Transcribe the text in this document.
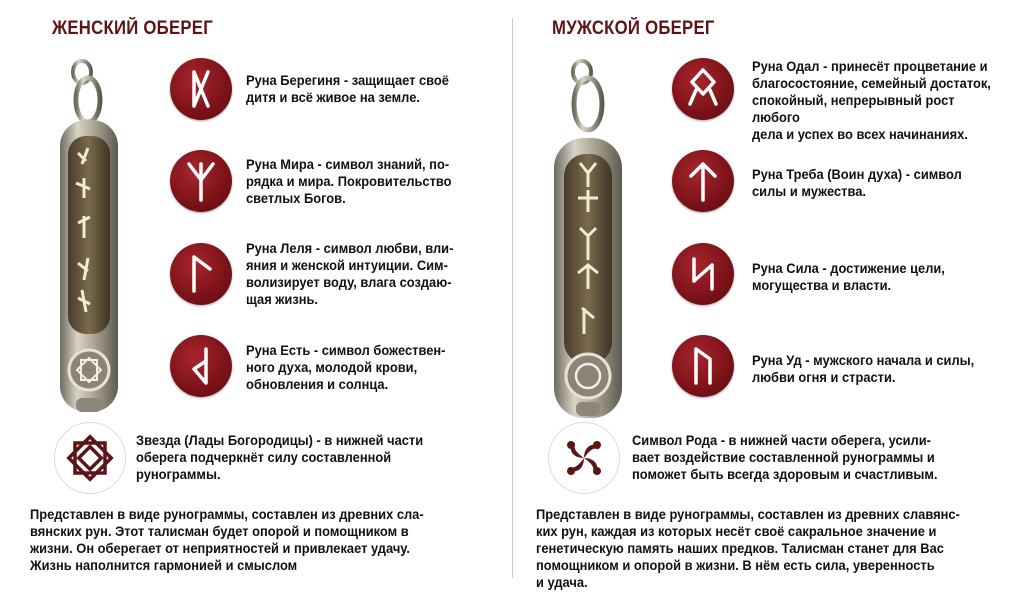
ЖЕНСКИЙ ОБЕРЕГ	МУЖСКОЙ ОБЕРЕГ
Руна Берегиня - защищает своё
дитя и всё живое на земле.
Руна Мира - символ знаний, по-
рядка и мира. Покровительство
светлых Богов.
Руна Леля - символ любви, вли-
яния и женской интуиции. Сим-
волизирует воду, влага создаю-
щая жизнь.
Руна Есть - символ божествен-
ного духа, молодой крови,
обновления и солнца.
Руна Одал - принесёт процветание и
благосостояние, семейный достаток,
спокойный, непрерывный рост любого
дела и успех во всех начинаниях.
Руна Треба (Воин духа) - символ
силы и мужества.
Руна Сила - достижение цели,
могущества и власти.
Руна Уд - мужского начала и силы,
любви огня и страсти.
Звезда (Лады Богородицы) - в нижней части
оберега подчеркнёт силу составленной
рунограммы.
Символ Рода - в нижней части оберега, усили-
вает воздействие составленной рунограммы и
поможет быть всегда здоровым и счастливым.
Представлен в виде рунограммы, составлен из древних сла-
вянских рун. Этот талисман будет опорой и помощником в
жизни. Он оберегает от неприятностей и привлекает удачу.
Жизнь наполнится гармонией и смыслом
Представлен в виде рунограммы, составлен из древних славянс-
ких рун, каждая из которых несёт своё сакральное значение и
генетическую память наших предков. Талисман станет для Вас
помощником и опорой в жизни. В нём есть сила, уверенность
и удача.
